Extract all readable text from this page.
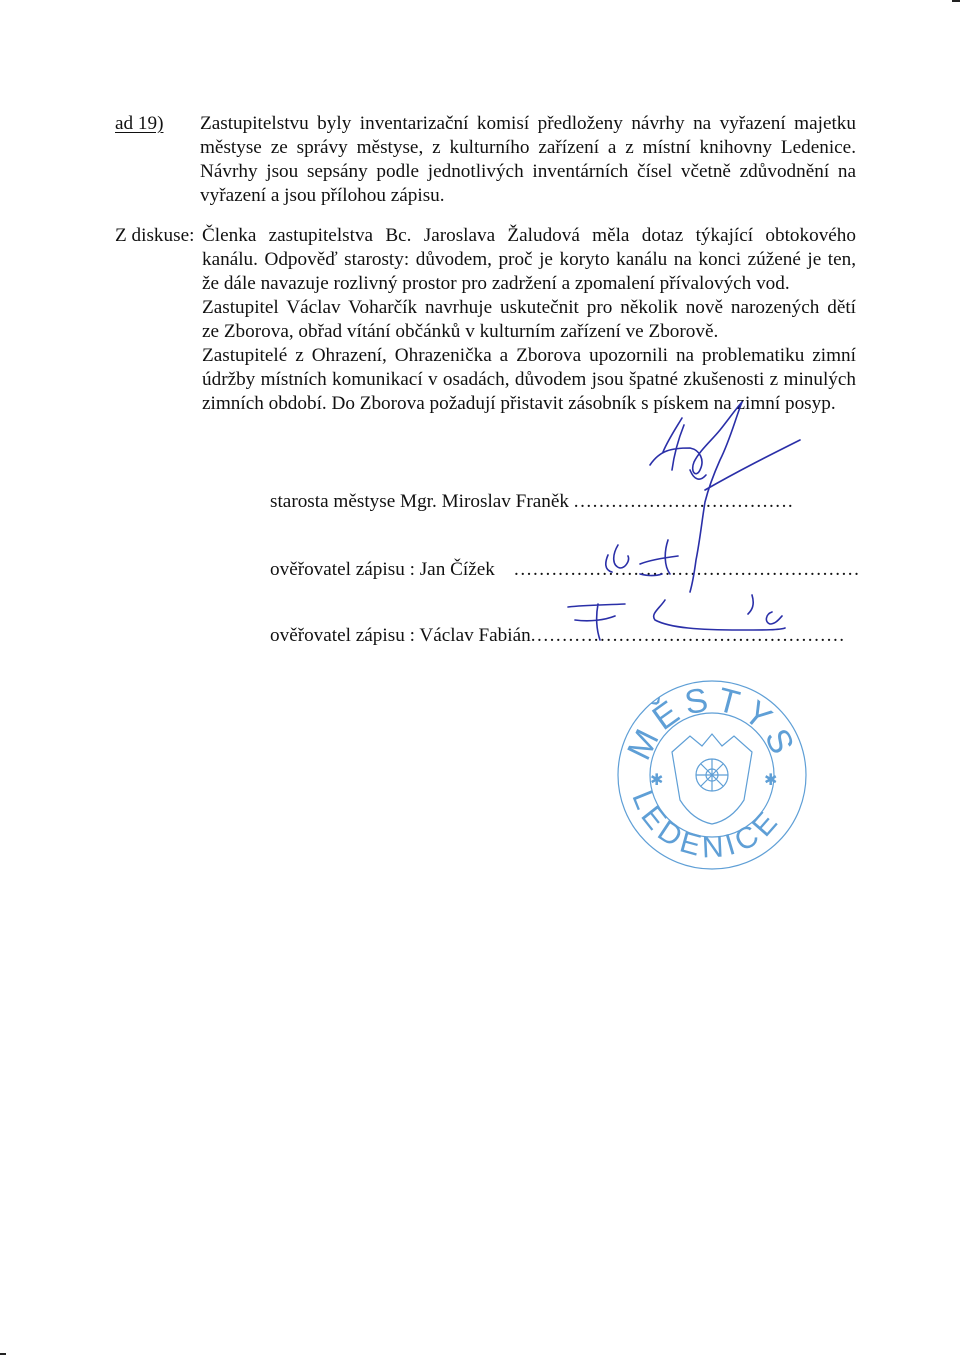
ad 19) Zastupitelstvu byly inventarizační komisí předloženy návrhy na vyřazení majetku
městyse ze správy městyse, z kulturního zařízení a z místní knihovny Ledenice.
Návrhy jsou sepsány podle jednotlivých inventárních čísel včetně zdůvodnění na
vyřazení a jsou přílohou zápisu.
Z diskuse: Členka zastupitelstva Bc. Jaroslava Žaludová měla dotaz týkající obtokového
kanálu. Odpověď starosty: důvodem, proč je koryto kanálu na konci zúžené je ten,
že dále navazuje rozlivný prostor pro zadržení a zpomalení přívalových vod.
Zastupitel Václav Voharčík navrhuje uskutečnit pro několik nově narozených dětí
ze Zborova, obřad vítání občánků v kulturním zařízení ve Zborově.
Zastupitelé z Ohrazení, Ohrazenička a Zborova upozornili na problematiku zimní
údržby místních komunikací v osadách, důvodem jsou špatné zkušenosti z minulých
zimních období. Do Zborova požadují přistavit zásobník s pískem na zimní posyp.
starosta městyse Mgr. Miroslav Franěk ...................................
ověřovatel zápisu : Jan Čížek .......................................................
ověřovatel zápisu : Václav Fabián..................................................
MĚSTYS
LEDENICE
✱	✱
